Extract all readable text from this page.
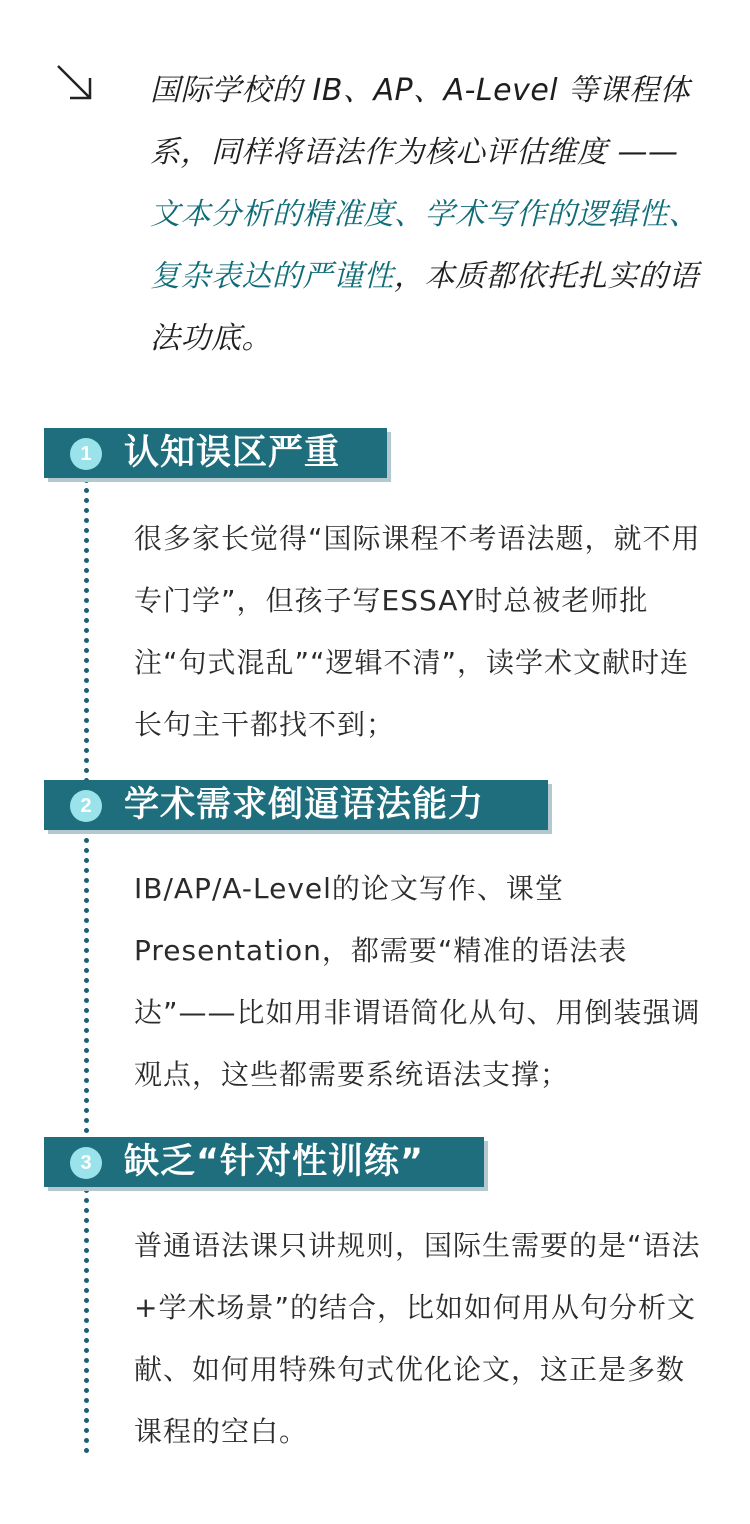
国际学校的 IB、AP、A-Level 等课程体系，同样将语法作为核心评估维度 —— 文本分析的精准度、学术写作的逻辑性、复杂表达的严谨性，本质都依托扎实的语法功底。
1 认知误区严重
很多家长觉得“国际课程不考语法题，就不用专门学”，但孩子写ESSAY时总被老师批注“句式混乱”“逻辑不清”，读学术文献时连长句主干都找不到；
2 学术需求倒逼语法能力
IB/AP/A-Level的论文写作、课堂 Presentation，都需要“精准的语法表达”——比如用非谓语简化从句、用倒装强调观点，这些都需要系统语法支撑；
3 缺乏“针对性训练”
普通语法课只讲规则，国际生需要的是“语法+学术场景”的结合，比如如何用从句分析文献、如何用特殊句式优化论文，这正是多数课程的空白。
